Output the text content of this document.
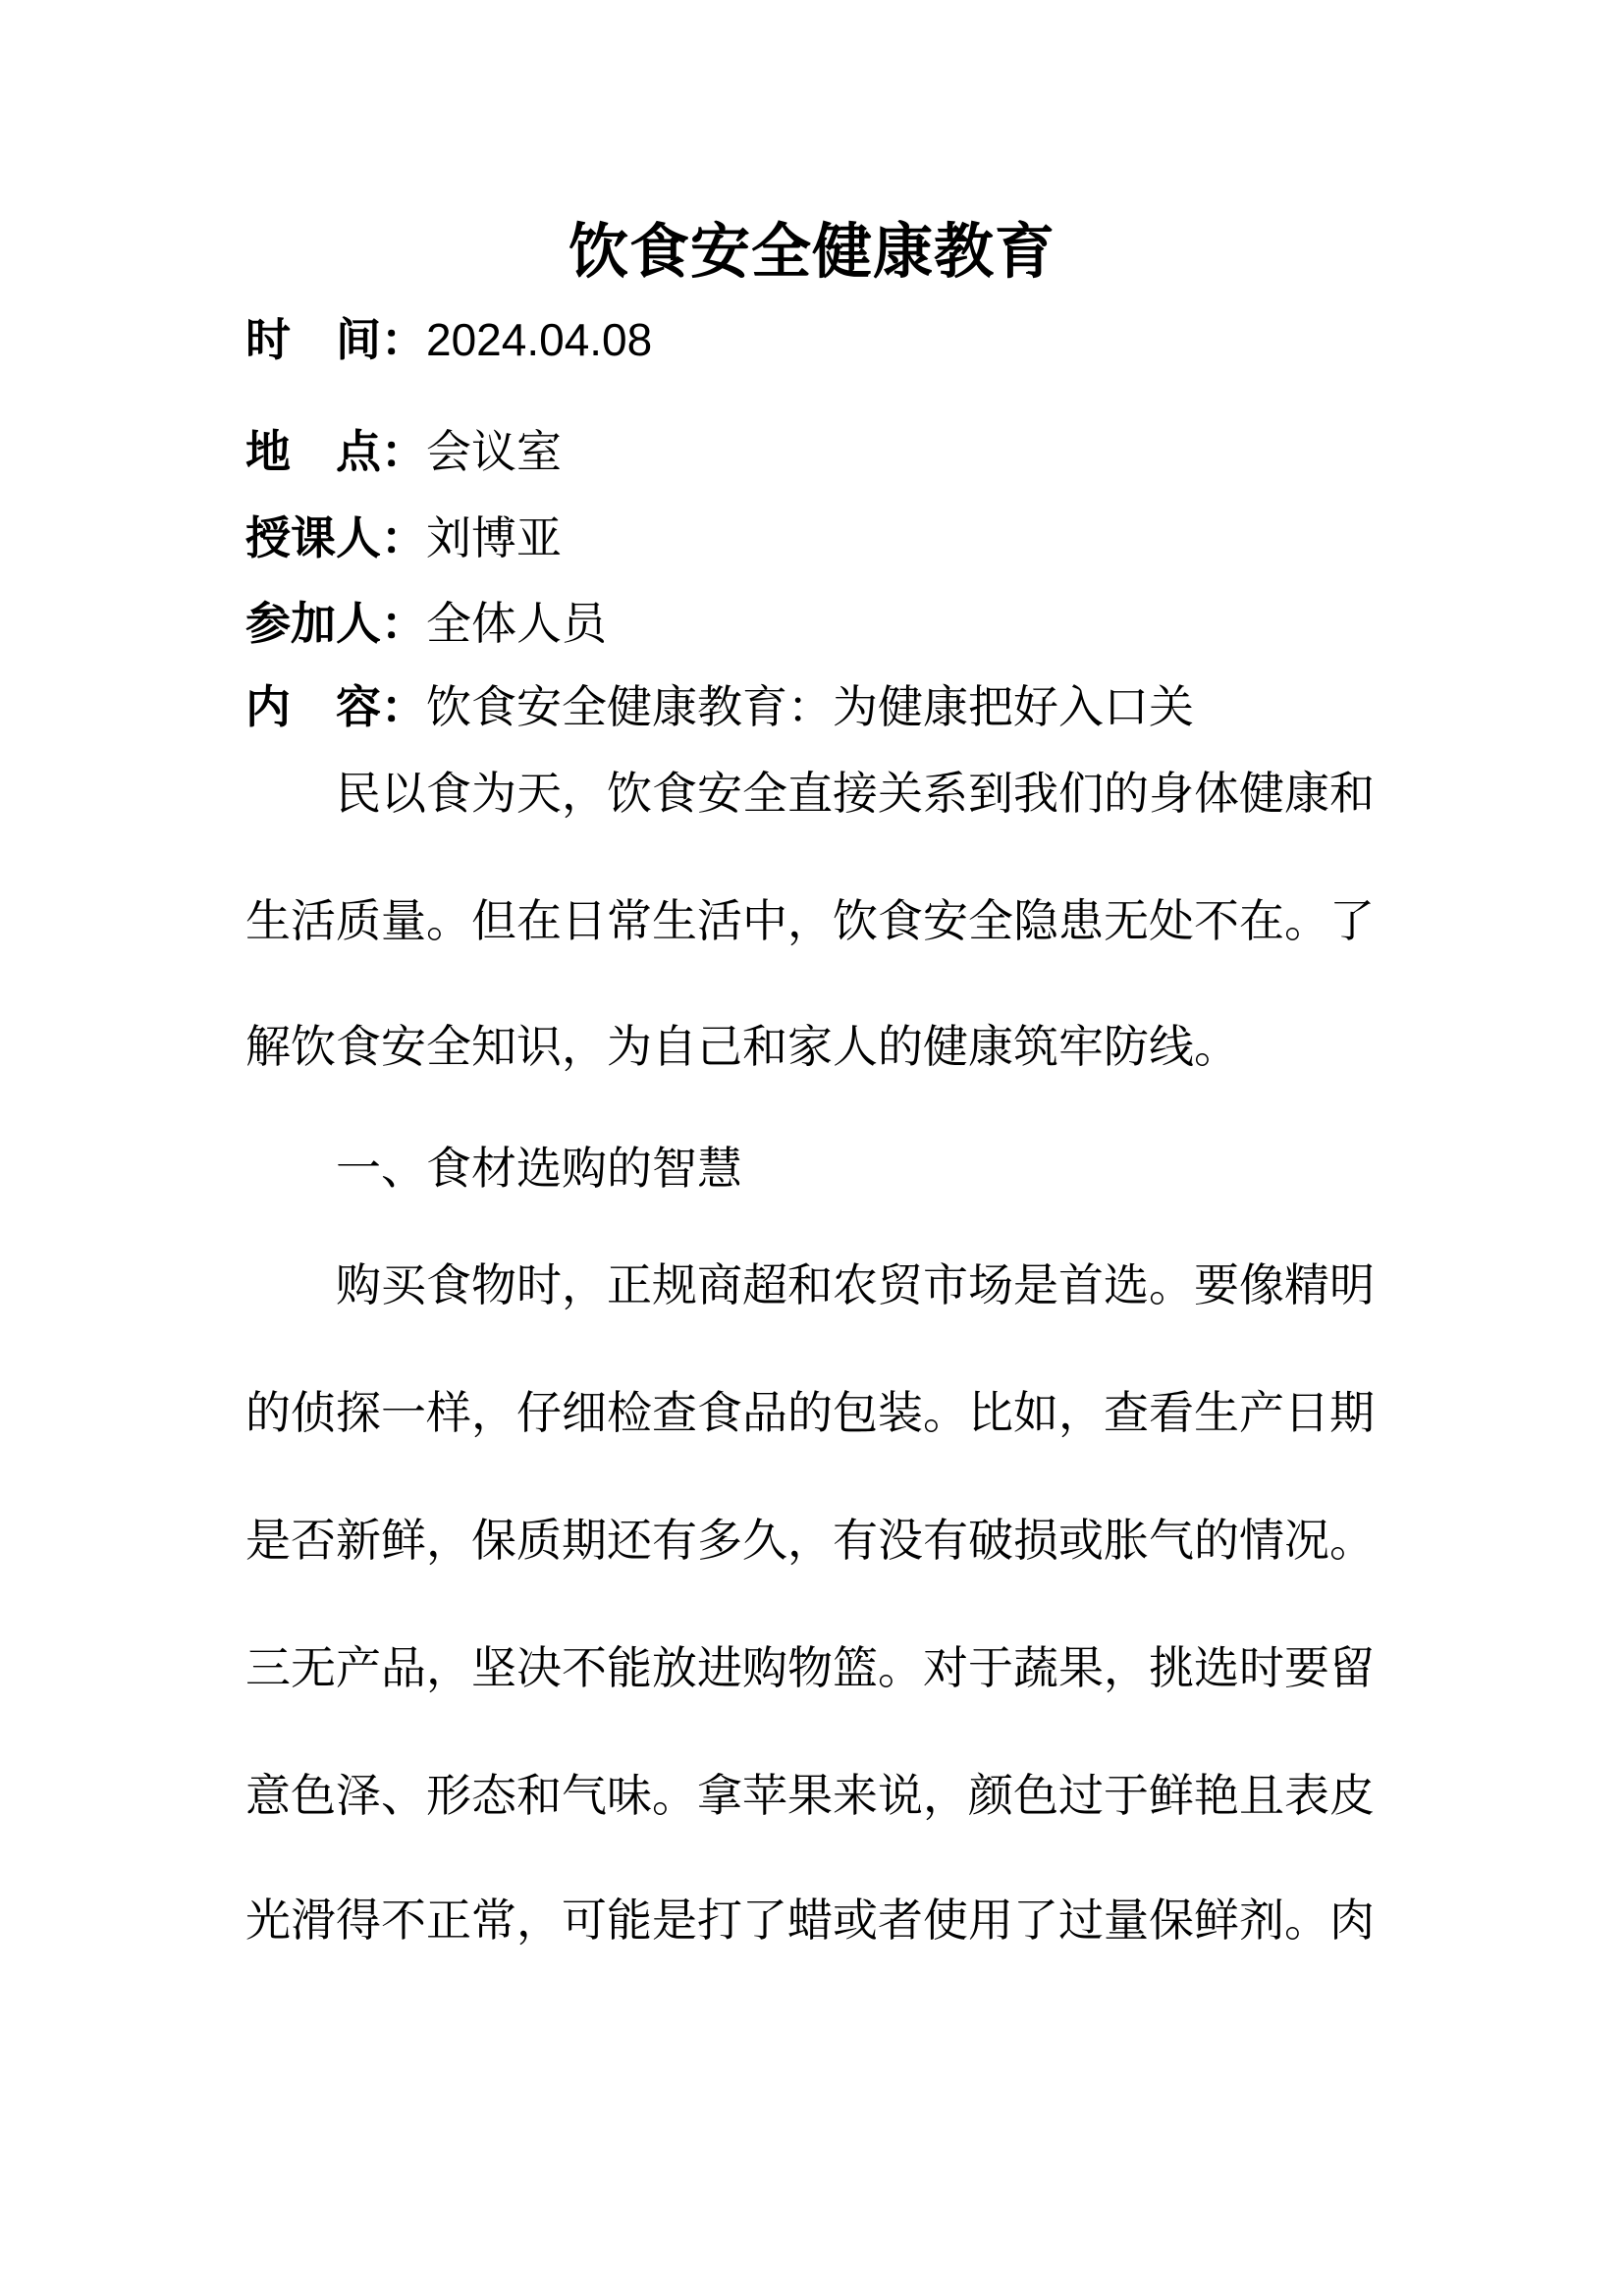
饮食安全健康教育
时　间：2024.04.08
地　点：会议室
授课人：刘博亚
参加人：全体人员
内　容：饮食安全健康教育：为健康把好入口关
民以食为天，饮食安全直接关系到我们的身体健康和
生活质量。但在日常生活中，饮食安全隐患无处不在。了
解饮食安全知识，为自己和家人的健康筑牢防线。
一、食材选购的智慧
购买食物时，正规商超和农贸市场是首选。要像精明
的侦探一样，仔细检查食品的包装。比如，查看生产日期
是否新鲜，保质期还有多久，有没有破损或胀气的情况。
三无产品，坚决不能放进购物篮。对于蔬果，挑选时要留
意色泽、形态和气味。拿苹果来说，颜色过于鲜艳且表皮
光滑得不正常，可能是打了蜡或者使用了过量保鲜剂。肉
